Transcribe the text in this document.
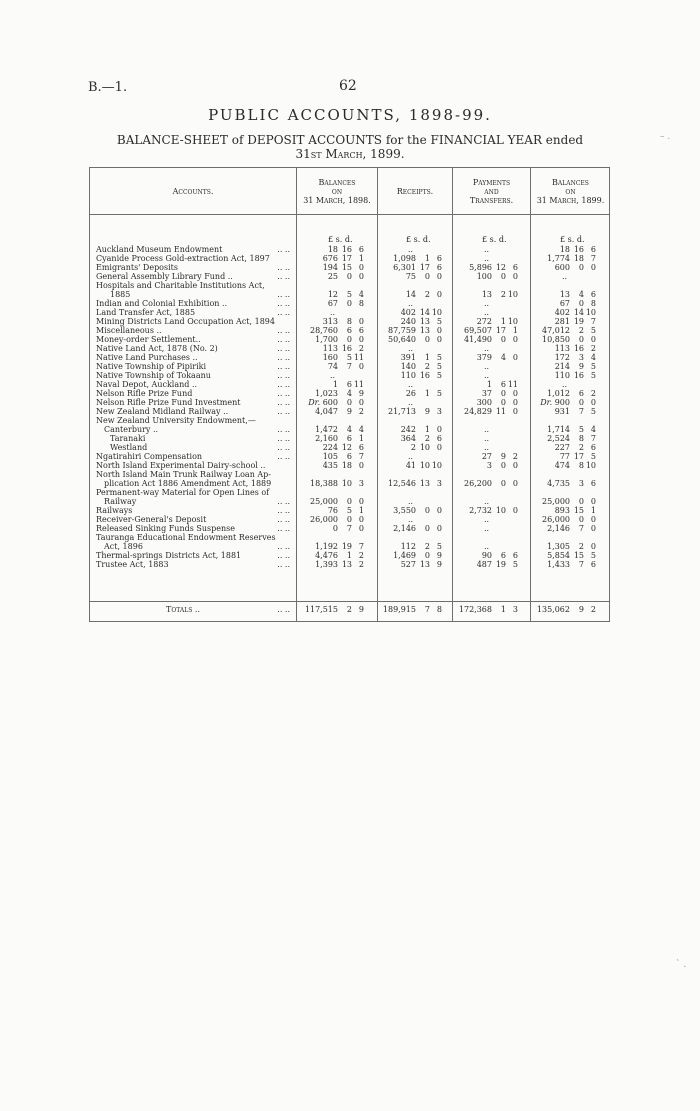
B.—1.	62
PUBLIC ACCOUNTS, 1898-99.
BALANCE-SHEET of DEPOSIT ACCOUNTS for the FINANCIAL YEAR ended
31st March, 1899.
Accounts.
Balances
on
31 March, 1898.
Receipts.
Payments
and
Transfers.
Balances
on
31 March, 1899.
£ s. d.	£ s. d.	£ s. d.	£ s. d.
Auckland Museum Endowment	.. ..	18 16 6	..	..	18 16 6
Cyanide Process Gold-extraction Act, 1897	676 17 1	1,098 1 6	..	1,774 18 7
Emigrants' Deposits	.. ..	194 15 0	6,301 17 6	5,896 12 6	600 0 0
General Assembly Library Fund ..	.. ..	25 0 0	75 0 0	100 0 0	..
Hospitals and Charitable Institutions Act,
1885	.. ..	12 5 4	14 2 0	13 2 10	13 4 6
Indian and Colonial Exhibition ..	.. ..	67 0 8	..	..	67 0 8
Land Transfer Act, 1885	.. ..	..	402 14 10	..	402 14 10
Mining Districts Land Occupation Act, 1894	313 8 0	240 13 5	272 1 10	281 19 7
Miscellaneous ..	.. ..	28,760 6 6	87,759 13 0	69,507 17 1	47,012 2 5
Money-order Settlement..	.. ..	1,700 0 0	50,640 0 0	41,490 0 0	10,850 0 0
Native Land Act, 1878 (No. 2)	.. ..	113 16 2	..	..	113 16 2
Native Land Purchases ..	.. ..	160 5 11	391 1 5	379 4 0	172 3 4
Native Township of Pipiriki	.. ..	74 7 0	140 2 5	..	214 9 5
Native Township of Tokaanu	.. ..	..	110 16 5	..	110 16 5
Naval Depot, Auckland ..	.. ..	1 6 11	..	1 6 11	..
Nelson Rifle Prize Fund	.. ..	1,023 4 9	26 1 5	37 0 0	1,012 6 2
Nelson Rifle Prize Fund Investment	.. ..	Dr. 600 0 0	..	300 0 0	Dr. 900 0 0
New Zealand Midland Railway ..	.. ..	4,047 9 2	21,713 9 3	24,829 11 0	931 7 5
New Zealand University Endowment,—
Canterbury ..	.. ..	1,472 4 4	242 1 0	..	1,714 5 4
Taranaki	.. ..	2,160 6 1	364 2 6	..	2,524 8 7
Westland	.. ..	224 12 6	2 10 0	..	227 2 6
Ngatirahiri Compensation	.. ..	105 6 7	..	27 9 2	77 17 5
North Island Experimental Dairy-school ..	435 18 0	41 10 10	3 0 0	474 8 10
North Island Main Trunk Railway Loan Ap-
plication Act 1886 Amendment Act, 1889	18,388 10 3	12,546 13 3	26,200 0 0	4,735 3 6
Permanent-way Material for Open Lines of
Railway	.. ..	25,000 0 0	..	..	25,000 0 0
Railways	.. ..	76 5 1	3,550 0 0	2,732 10 0	893 15 1
Receiver-General's Deposit	.. ..	26,000 0 0	..	..	26,000 0 0
Released Sinking Funds Suspense	.. ..	0 7 0	2,146 0 0	..	2,146 7 0
Tauranga Educational Endowment Reserves
Act, 1896	.. ..	1,192 19 7	112 2 5	..	1,305 2 0
Thermal-springs Districts Act, 1881	.. ..	4,476 1 2	1,469 0 9	90 6 6	5,854 15 5
Trustee Act, 1883	.. ..	1,393 13 2	527 13 9	487 19 5	1,433 7 6
Totals ..	.. ..	117,515 2 9	189,915 7 8	172,368 1 3	135,062 9 2
– .
` .
